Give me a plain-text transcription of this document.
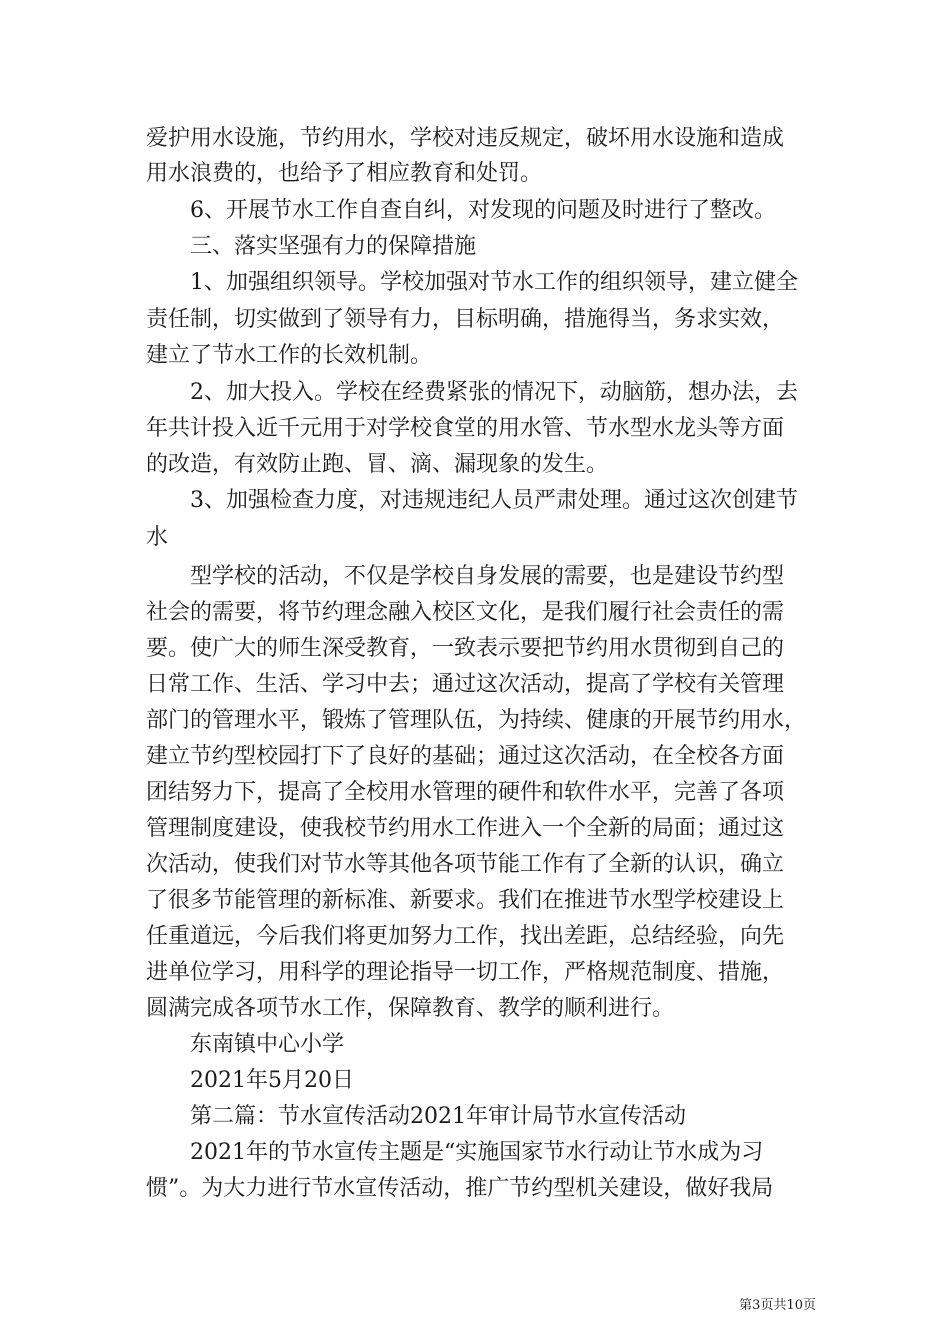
爱护用水设施，节约用水，学校对违反规定，破坏用水设施和造成
用水浪费的，也给予了相应教育和处罚。
　　6、开展节水工作自查自纠，对发现的问题及时进行了整改。
　　三、落实坚强有力的保障措施
　　1、加强组织领导。学校加强对节水工作的组织领导，建立健全
责任制，切实做到了领导有力，目标明确，措施得当，务求实效，
建立了节水工作的长效机制。
　　2、加大投入。学校在经费紧张的情况下，动脑筋，想办法，去
年共计投入近千元用于对学校食堂的用水管、节水型水龙头等方面
的改造，有效防止跑、冒、滴、漏现象的发生。
　　3、加强检查力度，对违规违纪人员严肃处理。通过这次创建节
水
　　型学校的活动，不仅是学校自身发展的需要，也是建设节约型
社会的需要，将节约理念融入校区文化，是我们履行社会责任的需
要。使广大的师生深受教育，一致表示要把节约用水贯彻到自己的
日常工作、生活、学习中去；通过这次活动，提高了学校有关管理
部门的管理水平，锻炼了管理队伍，为持续、健康的开展节约用水，
建立节约型校园打下了良好的基础；通过这次活动，在全校各方面
团结努力下，提高了全校用水管理的硬件和软件水平，完善了各项
管理制度建设，使我校节约用水工作进入一个全新的局面；通过这
次活动，使我们对节水等其他各项节能工作有了全新的认识，确立
了很多节能管理的新标准、新要求。我们在推进节水型学校建设上
任重道远，今后我们将更加努力工作，找出差距，总结经验，向先
进单位学习，用科学的理论指导一切工作，严格规范制度、措施，
圆满完成各项节水工作，保障教育、教学的顺利进行。
　　东南镇中心小学
　　2021年5月20日
　　第二篇：节水宣传活动2021年审计局节水宣传活动
　　2021年的节水宣传主题是“实施国家节水行动让节水成为习
惯”。为大力进行节水宣传活动，推广节约型机关建设，做好我局
第3页共10页
